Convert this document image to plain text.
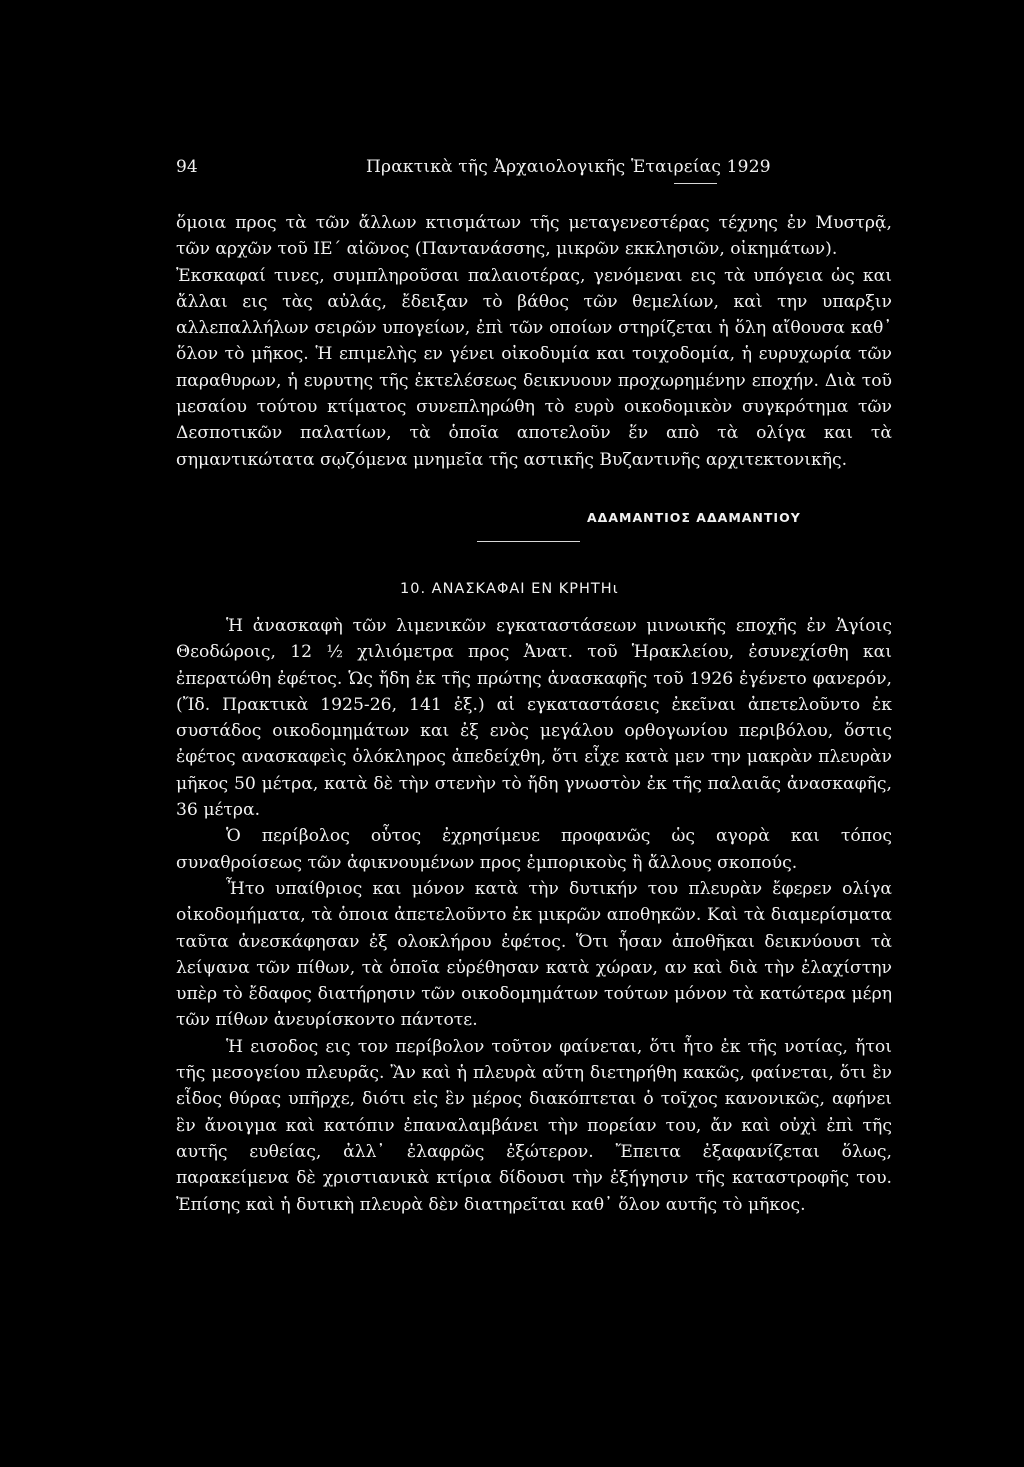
94	Πρακτικὰ τῆς Ἀρχαιολογικῆς Ἑταιρείας 1929

ὅμοια προς τὰ τῶν ἄλλων κτισμάτων τῆς μεταγενεστέρας τέχνης ἐν Μυστρᾷ, τῶν αρχῶν τοῦ ΙΕ΄ αἰῶνος (Παντανάσσης, μικρῶν εκκλησιῶν, οἰκημάτων).

Ἐκσκαφαί τινες, συμπληροῦσαι παλαιοτέρας, γενόμεναι εις τὰ υπόγεια ὡς και ἄλλαι εις τὰς αὐλάς, ἔδειξαν τὸ βάθος τῶν θεμελίων, καὶ την υπαρξιν αλλεπαλλήλων σειρῶν υπογείων, ἐπὶ τῶν οποίων στηρίζεται ἡ ὅλη αἴθουσα καθ᾽ ὅλον τὸ μῆκος. Ἡ επιμελὴς εν γένει οἰκοδυμία και τοιχοδομία, ἡ ευρυχωρία τῶν παραθυρων, ἡ ευρυτης τῆς ἐκτελέσεως δεικνυουν προχωρημένην εποχήν. Διὰ τοῦ μεσαίου τούτου κτίματος συνεπληρώθη τὸ ευρὺ οικοδομικὸν συγκρότημα τῶν Δεσποτικῶν παλατίων, τὰ ὁποῖα αποτελοῦν ἕν απὸ τὰ ολίγα και τὰ σημαντικώτατα σῳζόμενα μνημεῖα τῆς αστικῆς Βυζαντινῆς αρχιτεκτονικῆς.

ΑΔΑΜΑΝΤΙΟΣ ΑΔΑΜΑΝΤΙΟΥ
10. ΑΝΑΣΚΑΦΑΙ ΕΝ ΚΡΗΤΗι

Ἡ ἀνασκαφὴ τῶν λιμενικῶν εγκαταστάσεων μινωικῆς εποχῆς ἐν Ἁγίοις Θεοδώροις, 12 ½ χιλιόμετρα προς Ἀνατ. τοῦ Ἡρακλείου, ἐσυνεχίσθη και ἐπερατώθη ἐφέτος. Ὡς ἤδη ἐκ τῆς πρώτης ἀνασκαφῆς τοῦ 1926 ἐγένετο φανερόν, (Ἴδ. Πρακτικὰ 1925-26, 141 ἑξ.) αἱ εγκαταστάσεις ἐκεῖναι ἀπετελοῦντο ἐκ συστάδος οικοδομημάτων και ἐξ ενὸς μεγάλου ορθογωνίου περιβόλου, ὅστις ἐφέτος ανασκαφεὶς ὁλόκληρος ἀπεδείχθη, ὅτι εἶχε κατὰ μεν την μακρὰν πλευρὰν μῆκος 50 μέτρα, κατὰ δὲ τὴν στενὴν τὸ ἤδη γνωστὸν ἐκ τῆς παλαιᾶς ἀνασκαφῆς, 36 μέτρα.

Ὁ περίβολος οὗτος ἐχρησίμευε προφανῶς ὡς αγορὰ και τόπος συναθροίσεως τῶν ἀφικνουμένων προς ἐμπορικοὺς ἢ ἄλλους σκοπούς.

Ἦτο υπαίθριος και μόνον κατὰ τὴν δυτικήν του πλευρὰν ἔφερεν ολίγα οἰκοδομήματα, τὰ ὁποια ἀπετελοῦντο ἐκ μικρῶν αποθηκῶν. Καὶ τὰ διαμερίσματα ταῦτα ἀνεσκάφησαν ἐξ ολοκλήρου ἐφέτος. Ὅτι ἦσαν ἀποθῆκαι δεικνύουσι τὰ λείψανα τῶν πίθων, τὰ ὁποῖα εὑρέθησαν κατὰ χώραν, αν καὶ διὰ τὴν ἐλαχίστην υπὲρ τὸ ἔδαφος διατήρησιν τῶν οικοδομημάτων τούτων μόνον τὰ κατώτερα μέρη τῶν πίθων ἀνευρίσκοντο πάντοτε.

Ἡ εισοδος εις τον περίβολον τοῦτον φαίνεται, ὅτι ἦτο ἐκ τῆς νοτίας, ἤτοι τῆς μεσογείου πλευρᾶς. Ἂν καὶ ἡ πλευρὰ αὕτη διετηρήθη κακῶς, φαίνεται, ὅτι ἓν εἶδος θύρας υπῆρχε, διότι εἰς ἓν μέρος διακόπτεται ὁ τοῖχος κανονικῶς, αφήνει ἓν ἄνοιγμα καὶ κατόπιν ἐπαναλαμβάνει τὴν πορείαν του, ἄν καὶ οὐχὶ ἐπὶ τῆς αυτῆς ευθείας, ἀλλ᾽ ἐλαφρῶς ἐξώτερον. Ἔπειτα ἐξαφανίζεται ὅλως, παρακείμενα δὲ χριστιανικὰ κτίρια δίδουσι τὴν ἐξήγησιν τῆς καταστροφῆς του. Ἐπίσης καὶ ἡ δυτικὴ πλευρὰ δὲν διατηρεῖται καθ᾽ ὅλον αυτῆς τὸ μῆκος.
